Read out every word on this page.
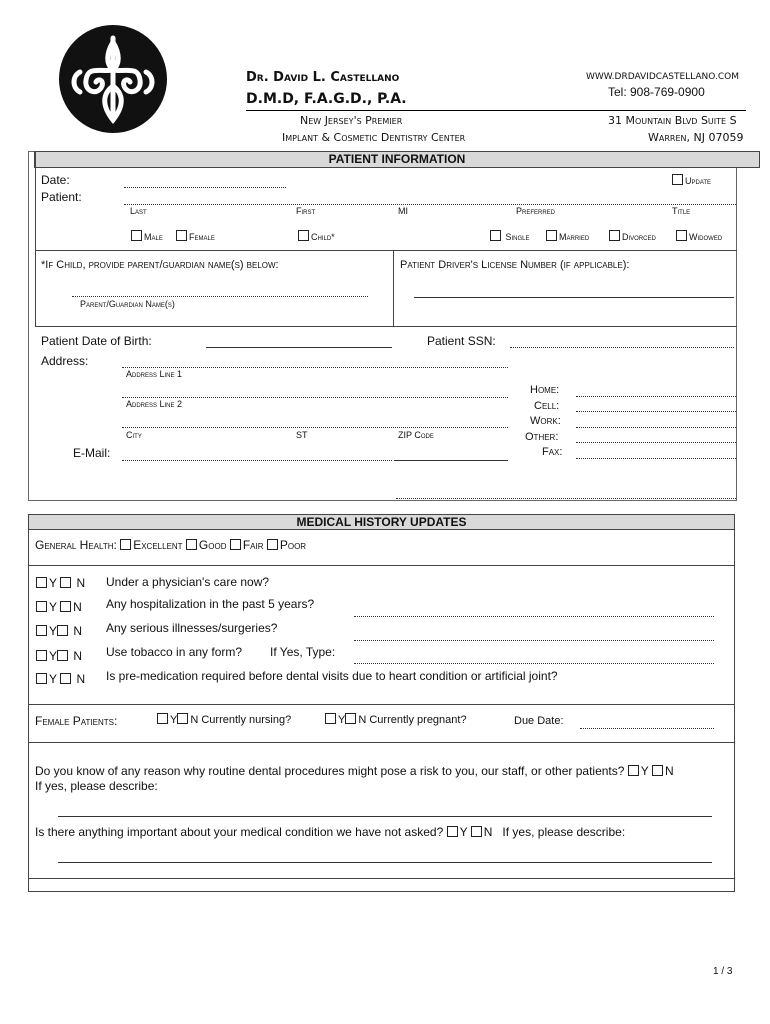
Dr. David L. Castellano
D.M.D, F.A.G.D., P.A.
New Jersey's Premier
Implant & Cosmetic Dentistry Center
WWW.DRDAVIDCASTELLANO.COM
Tel: 908-769-0900
31 Mountain Blvd Suite S
Warren, NJ 07059
PATIENT INFORMATION
Date:	Update
Patient:
Last	First	MI	Preferred	Title
Male	Female	Child*	Single	Married	Divorced	Widowed
*If Child, provide parent/guardian name(s) below:
Parent/Guardian Name(s)
Patient Driver's License Number (if applicable):
Patient Date of Birth:	Patient SSN:
Address:
Address Line 1
Address Line 2
City	ST	ZIP Code
E-Mail:
Home:
Cell:
Work:
Other:
Fax:
MEDICAL HISTORY UPDATES
General Health: Excellent Good Fair Poor
Y N Under a physician's care now?
Y N Any hospitalization in the past 5 years?
Y N Any serious illnesses/surgeries?
Y N Use tobacco in any form? If Yes, Type:
Y N Is pre-medication required before dental visits due to heart condition or artificial joint?
Female Patients:	Y N Currently nursing?	Y N Currently pregnant?	Due Date:
Do you know of any reason why routine dental procedures might pose a risk to you, our staff, or other patients? Y N
If yes, please describe:
Is there anything important about your medical condition we have not asked? Y N If yes, please describe:
1 / 3
